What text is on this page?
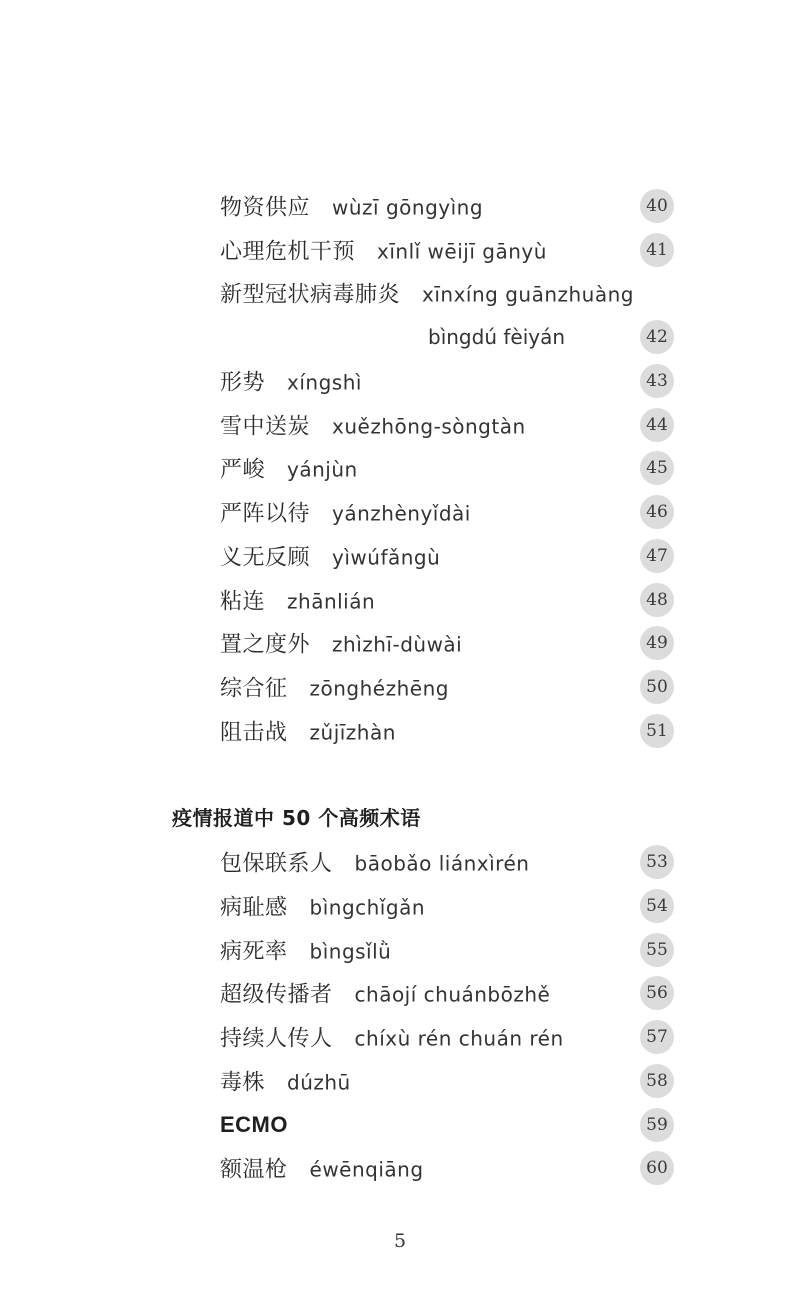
物资供应 wùzī gōngyìng	40
心理危机干预 xīnlǐ wēijī gānyù	41
新型冠状病毒肺炎 xīnxíng guānzhuàng
bìngdú fèiyán	42
形势 xíngshì	43
雪中送炭 xuězhōng-sòngtàn	44
严峻 yánjùn	45
严阵以待 yánzhènyǐdài	46
义无反顾 yìwúfǎngù	47
粘连 zhānlián	48
置之度外 zhìzhī-dùwài	49
综合征 zōnghézhēng	50
阻击战 zǔjīzhàn	51
疫情报道中 50 个高频术语
包保联系人 bāobǎo liánxìrén	53
病耻感 bìngchǐgǎn	54
病死率 bìngsǐlǜ	55
超级传播者 chāojí chuánbōzhě	56
持续人传人 chíxù rén chuán rén	57
毒株 dúzhū	58
ECMO	59
额温枪 éwēnqiāng	60
5
